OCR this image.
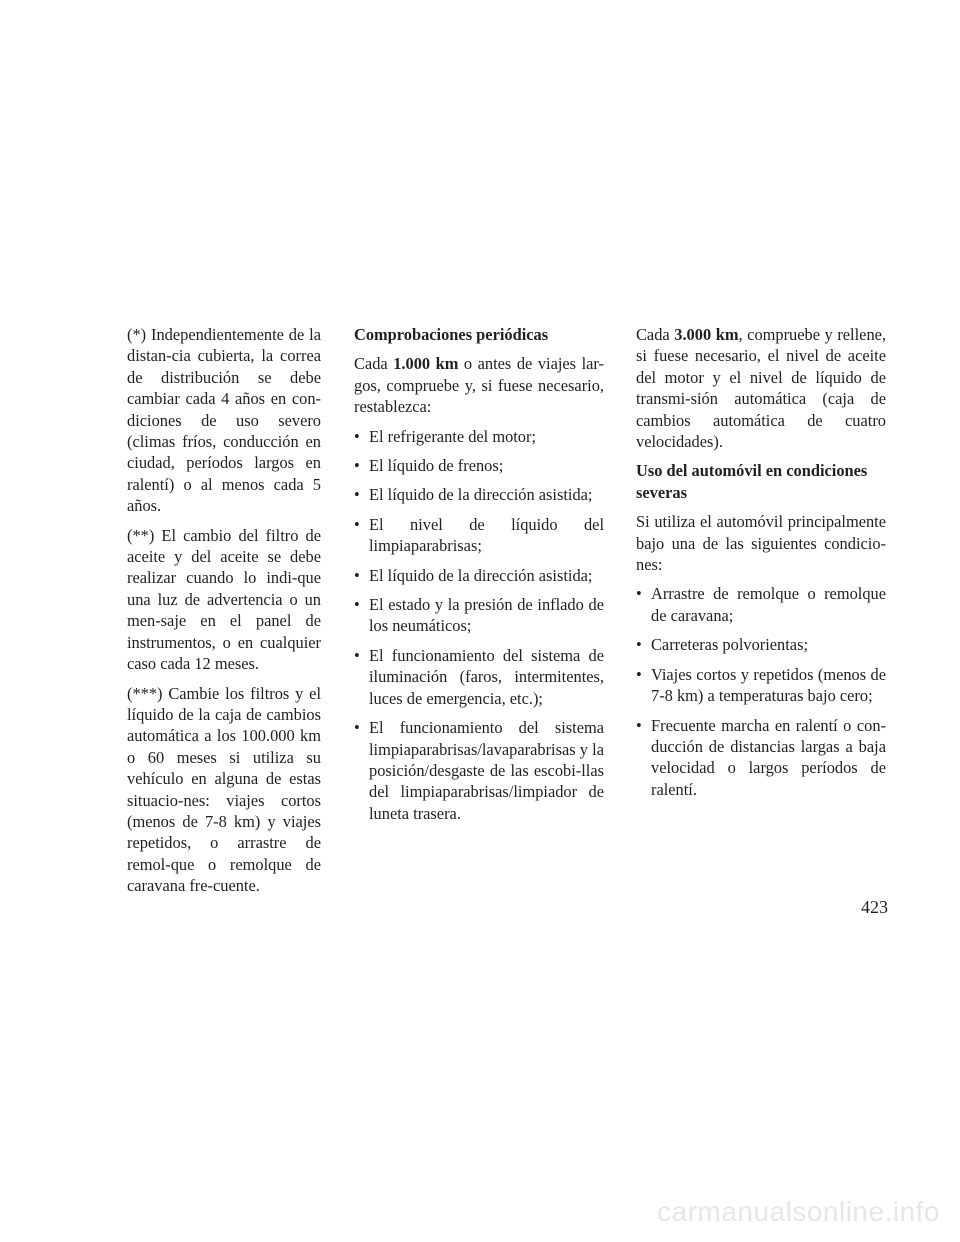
(*) Independientemente de la distan-cia cubierta, la correa de distribución se debe cambiar cada 4 años en con-diciones de uso severo (climas fríos, conducción en ciudad, períodos largos en ralentí) o al menos cada 5 años.

(**) El cambio del filtro de aceite y del aceite se debe realizar cuando lo indi-que una luz de advertencia o un men-saje en el panel de instrumentos, o en cualquier caso cada 12 meses.

(***) Cambie los filtros y el líquido de la caja de cambios automática a los 100.000 km o 60 meses si utiliza su vehículo en alguna de estas situacio-nes: viajes cortos (menos de 7-8 km) y viajes repetidos, o arrastre de remol-que o remolque de caravana fre-cuente.

Comprobaciones periódicas

Cada 1.000 km o antes de viajes lar-gos, compruebe y, si fuese necesario, restablezca:

• El refrigerante del motor;
• El líquido de frenos;
• El líquido de la dirección asistida;
• El nivel de líquido del limpiaparabrisas;
• El líquido de la dirección asistida;
• El estado y la presión de inflado de los neumáticos;
• El funcionamiento del sistema de iluminación (faros, intermitentes, luces de emergencia, etc.);
• El funcionamiento del sistema limpiaparabrisas/lavaparabrisas y la posición/desgaste de las escobi-llas del limpiaparabrisas/limpiador de luneta trasera.

Cada 3.000 km, compruebe y rellene, si fuese necesario, el nivel de aceite del motor y el nivel de líquido de transmi-sión automática (caja de cambios automática de cuatro velocidades).

Uso del automóvil en condiciones severas

Si utiliza el automóvil principalmente bajo una de las siguientes condicio-nes:

• Arrastre de remolque o remolque de caravana;
• Carreteras polvorientas;
• Viajes cortos y repetidos (menos de 7-8 km) a temperaturas bajo cero;
• Frecuente marcha en ralentí o con-ducción de distancias largas a baja velocidad o largos períodos de ralentí.
423
carmanualsonline.info
